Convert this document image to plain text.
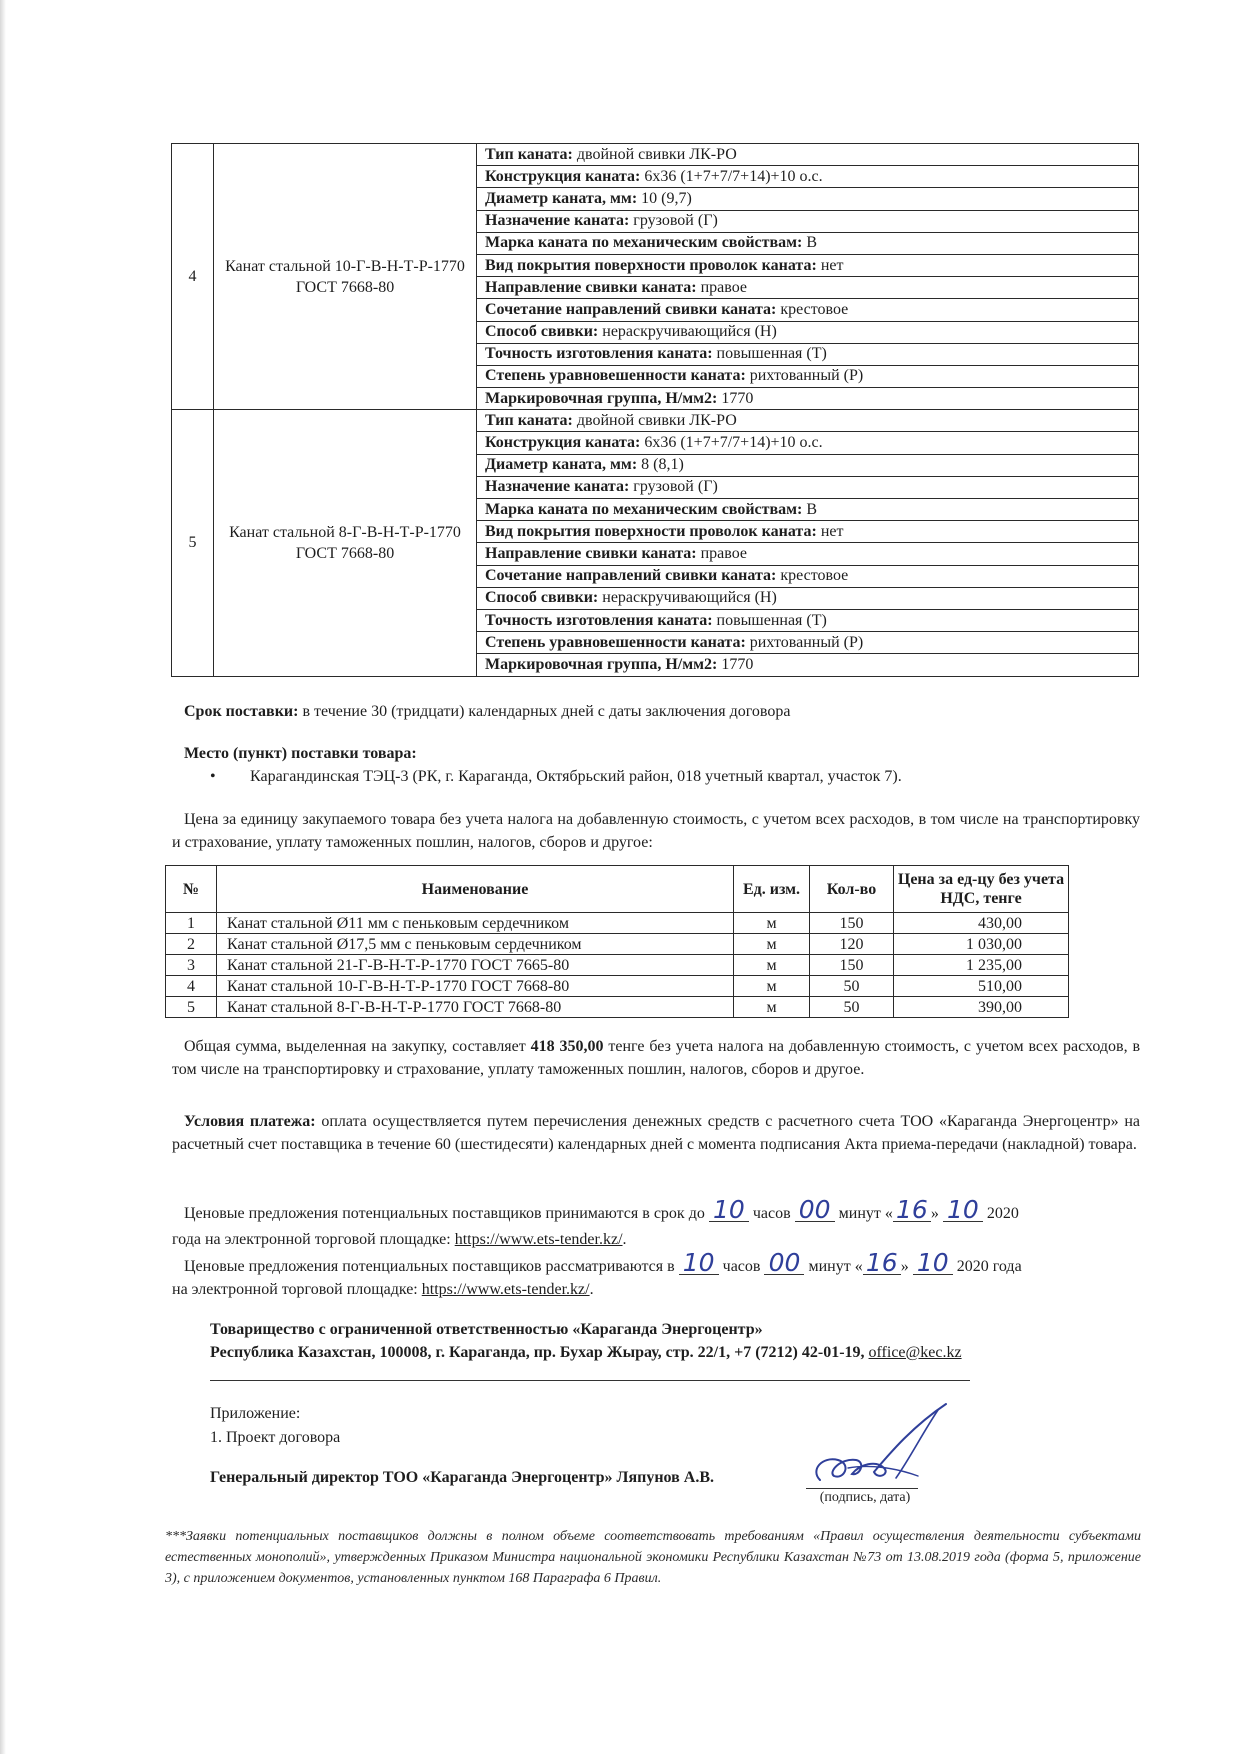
4	Канат стальной 10-Г-В-Н-Т-Р-1770 ГОСТ 7668-80	Тип каната: двойной свивки ЛК-РО
		Конструкция каната: 6х36 (1+7+7/7+14)+10 о.с.
		Диаметр каната, мм: 10 (9,7)
		Назначение каната: грузовой (Г)
		Марка каната по механическим свойствам: В
		Вид покрытия поверхности проволок каната: нет
		Направление свивки каната: правое
		Сочетание направлений свивки каната: крестовое
		Способ свивки: нераскручивающийся (Н)
		Точность изготовления каната: повышенная (Т)
		Степень уравновешенности каната: рихтованный (Р)
		Маркировочная группа, Н/мм2: 1770
5	Канат стальной 8-Г-В-Н-Т-Р-1770 ГОСТ 7668-80	Тип каната: двойной свивки ЛК-РО
		Конструкция каната: 6х36 (1+7+7/7+14)+10 о.с.
		Диаметр каната, мм: 8 (8,1)
		Назначение каната: грузовой (Г)
		Марка каната по механическим свойствам: В
		Вид покрытия поверхности проволок каната: нет
		Направление свивки каната: правое
		Сочетание направлений свивки каната: крестовое
		Способ свивки: нераскручивающийся (Н)
		Точность изготовления каната: повышенная (Т)
		Степень уравновешенности каната: рихтованный (Р)
		Маркировочная группа, Н/мм2: 1770
Срок поставки: в течение 30 (тридцати) календарных дней с даты заключения договора
Место (пункт) поставки товара:
• Карагандинская ТЭЦ-3 (РК, г. Караганда, Октябрьский район, 018 учетный квартал, участок 7).
Цена за единицу закупаемого товара без учета налога на добавленную стоимость, с учетом всех расходов, в том числе на транспортировку и страхование, уплату таможенных пошлин, налогов, сборов и другое:
№	Наименование	Ед. изм.	Кол-во	Цена за ед-цу без учета НДС, тенге
1	Канат стальной Ø11 мм с пеньковым сердечником	м	150	430,00
2	Канат стальной Ø17,5 мм с пеньковым сердечником	м	120	1 030,00
3	Канат стальной 21-Г-В-Н-Т-Р-1770 ГОСТ 7665-80	м	150	1 235,00
4	Канат стальной 10-Г-В-Н-Т-Р-1770 ГОСТ 7668-80	м	50	510,00
5	Канат стальной 8-Г-В-Н-Т-Р-1770 ГОСТ 7668-80	м	50	390,00
Общая сумма, выделенная на закупку, составляет 418 350,00 тенге без учета налога на добавленную стоимость, с учетом всех расходов, в том числе на транспортировку и страхование, уплату таможенных пошлин, налогов, сборов и другое.
Условия платежа: оплата осуществляется путем перечисления денежных средств с расчетного счета ТОО «Караганда Энергоцентр» на расчетный счет поставщика в течение 60 (шестидесяти) календарных дней с момента подписания Акта приема-передачи (накладной) товара.
Ценовые предложения потенциальных поставщиков принимаются в срок до 10 часов 00 минут « 16 » 10 2020
года на электронной торговой площадке: https://www.ets-tender.kz/.
Ценовые предложения потенциальных поставщиков рассматриваются в 10 часов 00 минут « 16 » 10 2020 года
на электронной торговой площадке: https://www.ets-tender.kz/.
Товарищество с ограниченной ответственностью «Караганда Энергоцентр»
Республика Казахстан, 100008, г. Караганда, пр. Бухар Жырау, стр. 22/1, +7 (7212) 42-01-19, office@kec.kz
Приложение:
1. Проект договора
Генеральный директор ТОО «Караганда Энергоцентр» Ляпунов А.В.
(подпись, дата)
***Заявки потенциальных поставщиков должны в полном объеме соответствовать требованиям «Правил осуществления деятельности субъектами естественных монополий», утвержденных Приказом Министра национальной экономики Республики Казахстан №73 от 13.08.2019 года (форма 5, приложение 3), с приложением документов, установленных пунктом 168 Параграфа 6 Правил.
